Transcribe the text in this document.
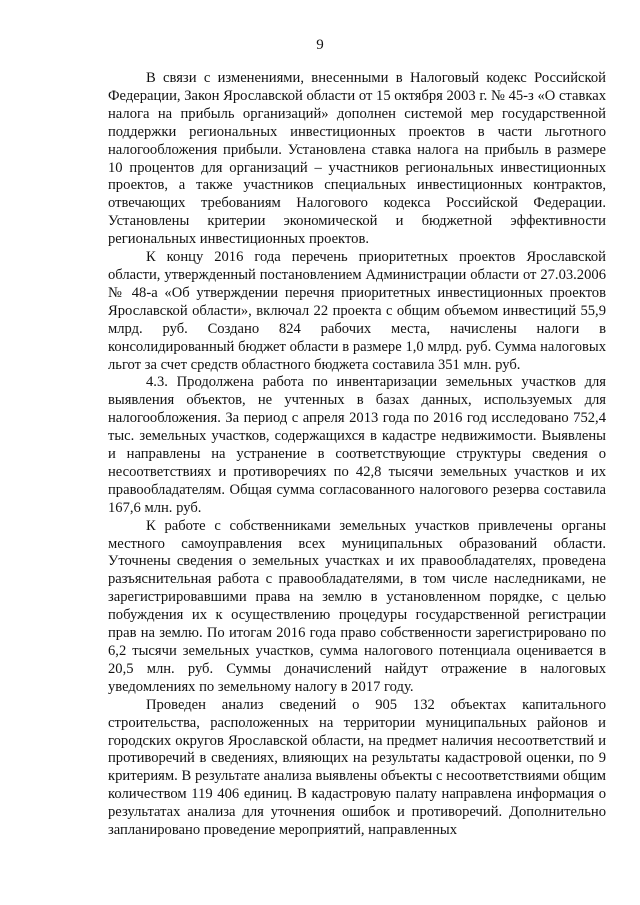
9

В связи с изменениями, внесенными в Налоговый кодекс Российской Федерации, Закон Ярославской области от 15 октября 2003 г. № 45-з «О ставках налога на прибыль организаций» дополнен системой мер государственной поддержки региональных инвестиционных проектов в части льготного налогообложения прибыли. Установлена ставка налога на прибыль в размере 10 процентов для организаций – участников региональных инвестиционных проектов, а также участников специальных инвестиционных контрактов, отвечающих требованиям Налогового кодекса Российской Федерации. Установлены критерии экономической и бюджетной эффективности региональных инвестиционных проектов.

К концу 2016 года перечень приоритетных проектов Ярославской области, утвержденный постановлением Администрации области от 27.03.2006 № 48-а «Об утверждении перечня приоритетных инвестиционных проектов Ярославской области», включал 22 проекта с общим объемом инвестиций 55,9 млрд. руб. Создано 824 рабочих места, начислены налоги в консолидированный бюджет области в размере 1,0 млрд. руб. Сумма налоговых льгот за счет средств областного бюджета составила 351 млн. руб.

4.3. Продолжена работа по инвентаризации земельных участков для выявления объектов, не учтенных в базах данных, используемых для налогообложения. За период с апреля 2013 года по 2016 год исследовано 752,4 тыс. земельных участков, содержащихся в кадастре недвижимости. Выявлены и направлены на устранение в соответствующие структуры сведения о несоответствиях и противоречиях по 42,8 тысячи земельных участков и их правообладателям. Общая сумма согласованного налогового резерва составила 167,6 млн. руб.

К работе с собственниками земельных участков привлечены органы местного самоуправления всех муниципальных образований области. Уточнены сведения о земельных участках и их правообладателях, проведена разъяснительная работа с правообладателями, в том числе наследниками, не зарегистрировавшими права на землю в установленном порядке, с целью побуждения их к осуществлению процедуры государственной регистрации прав на землю. По итогам 2016 года право собственности зарегистрировано по 6,2 тысячи земельных участков, сумма налогового потенциала оценивается в 20,5 млн. руб. Суммы доначислений найдут отражение в налоговых уведомлениях по земельному налогу в 2017 году.

Проведен анализ сведений о 905 132 объектах капитального строительства, расположенных на территории муниципальных районов и городских округов Ярославской области, на предмет наличия несоответствий и противоречий в сведениях, влияющих на результаты кадастровой оценки, по 9 критериям. В результате анализа выявлены объекты с несоответствиями общим количеством 119 406 единиц. В кадастровую палату направлена информация о результатах анализа для уточнения ошибок и противоречий. Дополнительно запланировано проведение мероприятий, направленных
